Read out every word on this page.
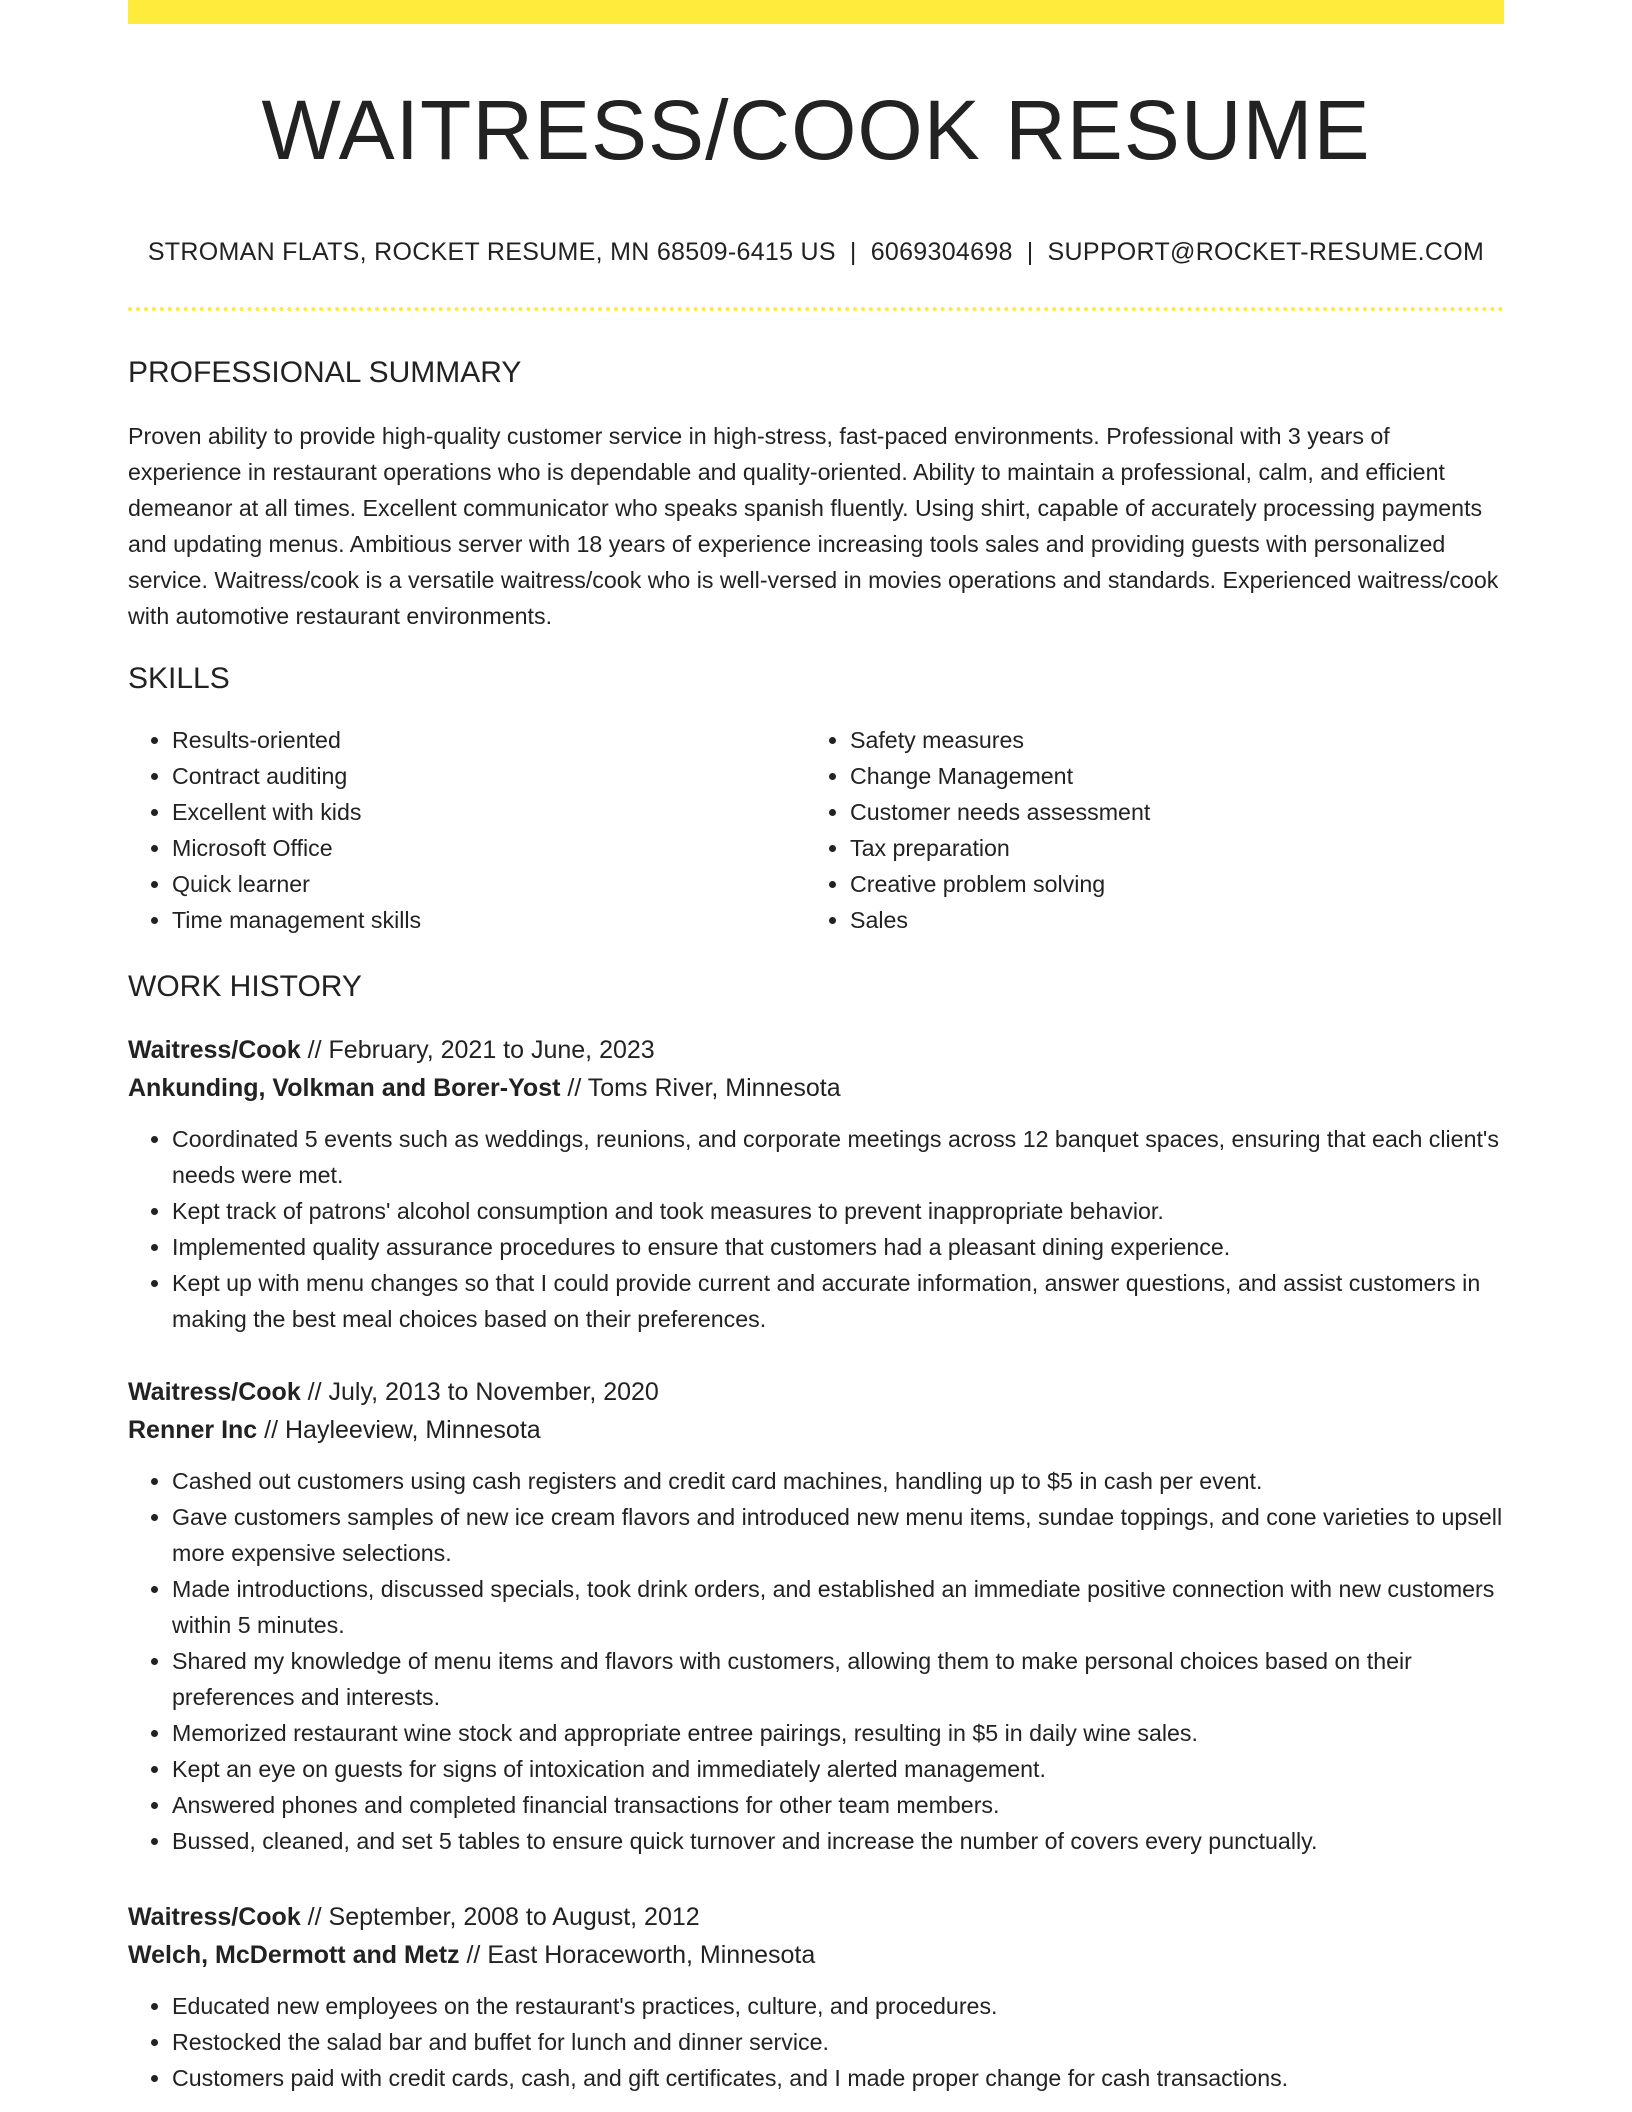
WAITRESS/COOK RESUME
STROMAN FLATS, ROCKET RESUME, MN 68509-6415 US | 6069304698 | SUPPORT@ROCKET-RESUME.COM
PROFESSIONAL SUMMARY

Proven ability to provide high-quality customer service in high-stress, fast-paced environments. Professional with 3 years of experience in restaurant operations who is dependable and quality-oriented. Ability to maintain a professional, calm, and efficient demeanor at all times. Excellent communicator who speaks spanish fluently. Using shirt, capable of accurately processing payments and updating menus. Ambitious server with 18 years of experience increasing tools sales and providing guests with personalized service. Waitress/cook is a versatile waitress/cook who is well-versed in movies operations and standards. Experienced waitress/cook with automotive restaurant environments.

SKILLS
• Results-oriented
• Contract auditing
• Excellent with kids
• Microsoft Office
• Quick learner
• Time management skills
• Safety measures
• Change Management
• Customer needs assessment
• Tax preparation
• Creative problem solving
• Sales
WORK HISTORY

Waitress/Cook // February, 2021 to June, 2023

Ankunding, Volkman and Borer-Yost // Toms River, Minnesota

• Coordinated 5 events such as weddings, reunions, and corporate meetings across 12 banquet spaces, ensuring that each client's needs were met.
• Kept track of patrons' alcohol consumption and took measures to prevent inappropriate behavior.
• Implemented quality assurance procedures to ensure that customers had a pleasant dining experience.
• Kept up with menu changes so that I could provide current and accurate information, answer questions, and assist customers in making the best meal choices based on their preferences.

Waitress/Cook // July, 2013 to November, 2020

Renner Inc // Hayleeview, Minnesota

• Cashed out customers using cash registers and credit card machines, handling up to $5 in cash per event.
• Gave customers samples of new ice cream flavors and introduced new menu items, sundae toppings, and cone varieties to upsell more expensive selections.
• Made introductions, discussed specials, took drink orders, and established an immediate positive connection with new customers within 5 minutes.
• Shared my knowledge of menu items and flavors with customers, allowing them to make personal choices based on their preferences and interests.
• Memorized restaurant wine stock and appropriate entree pairings, resulting in $5 in daily wine sales.
• Kept an eye on guests for signs of intoxication and immediately alerted management.
• Answered phones and completed financial transactions for other team members.
• Bussed, cleaned, and set 5 tables to ensure quick turnover and increase the number of covers every punctually.

Waitress/Cook // September, 2008 to August, 2012

Welch, McDermott and Metz // East Horaceworth, Minnesota

• Educated new employees on the restaurant's practices, culture, and procedures.
• Restocked the salad bar and buffet for lunch and dinner service.
• Customers paid with credit cards, cash, and gift certificates, and I made proper change for cash transactions.
